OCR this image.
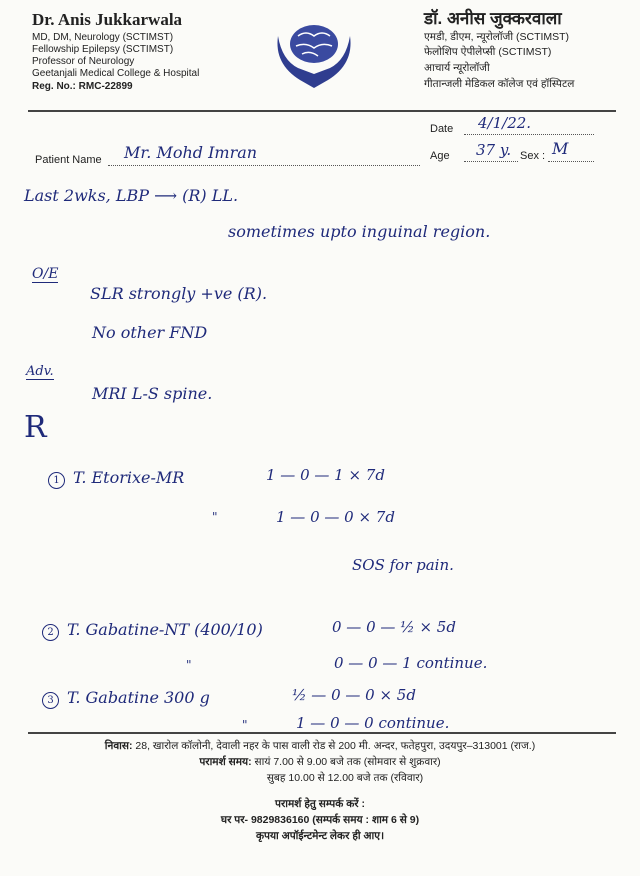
Dr. Anis Jukkarwala
MD, DM, Neurology (SCTIMST)
Fellowship Epilepsy (SCTIMST)
Professor of Neurology
Geetanjali Medical College & Hospital
Reg. No.: RMC-22899
डॉ. अनीस जुक्करवाला
एमडी, डीएम, न्यूरोलॉजी (SCTIMST)
फेलोशिप ऐपीलेप्सी (SCTIMST)
आचार्य न्यूरोलॉजी
गीतान्जली मेडिकल कॉलेज एवं हॉस्पिटल
Date 4/1/22.
Patient Name Mr. Mohd Imran	Age 37 y. Sex : M
Last 2wks, LBP ⟶ (R) LL.
sometimes upto inguinal region.
O/E
SLR strongly +ve (R).
No other FND
Adv.
MRI L-S spine.
R
1 T. Etorixe-MR	1 — 0 — 1 × 7d
"	1 — 0 — 0 × 7d
SOS for pain.
2 T. Gabatine-NT (400/10)	0 — 0 — ½ × 5d
"	0 — 0 — 1 continue.
3 T. Gabatine 300 g	½ — 0 — 0 × 5d
"	1 — 0 — 0 continue.
निवास: 28, खारोल कॉलोनी, देवाली नहर के पास वाली रोड से 200 मी. अन्दर, फतेहपुरा, उदयपुर–313001 (राज.)
परामर्श समय: सायं 7.00 से 9.00 बजे तक (सोमवार से शुक्रवार)
सुबह 10.00 से 12.00 बजे तक (रविवार)
परामर्श हेतु सम्पर्क करें :
घर पर- 9829836160 (सम्पर्क समय : शाम 6 से 9)
कृपया अपॉईन्टमेन्ट लेकर ही आए।
